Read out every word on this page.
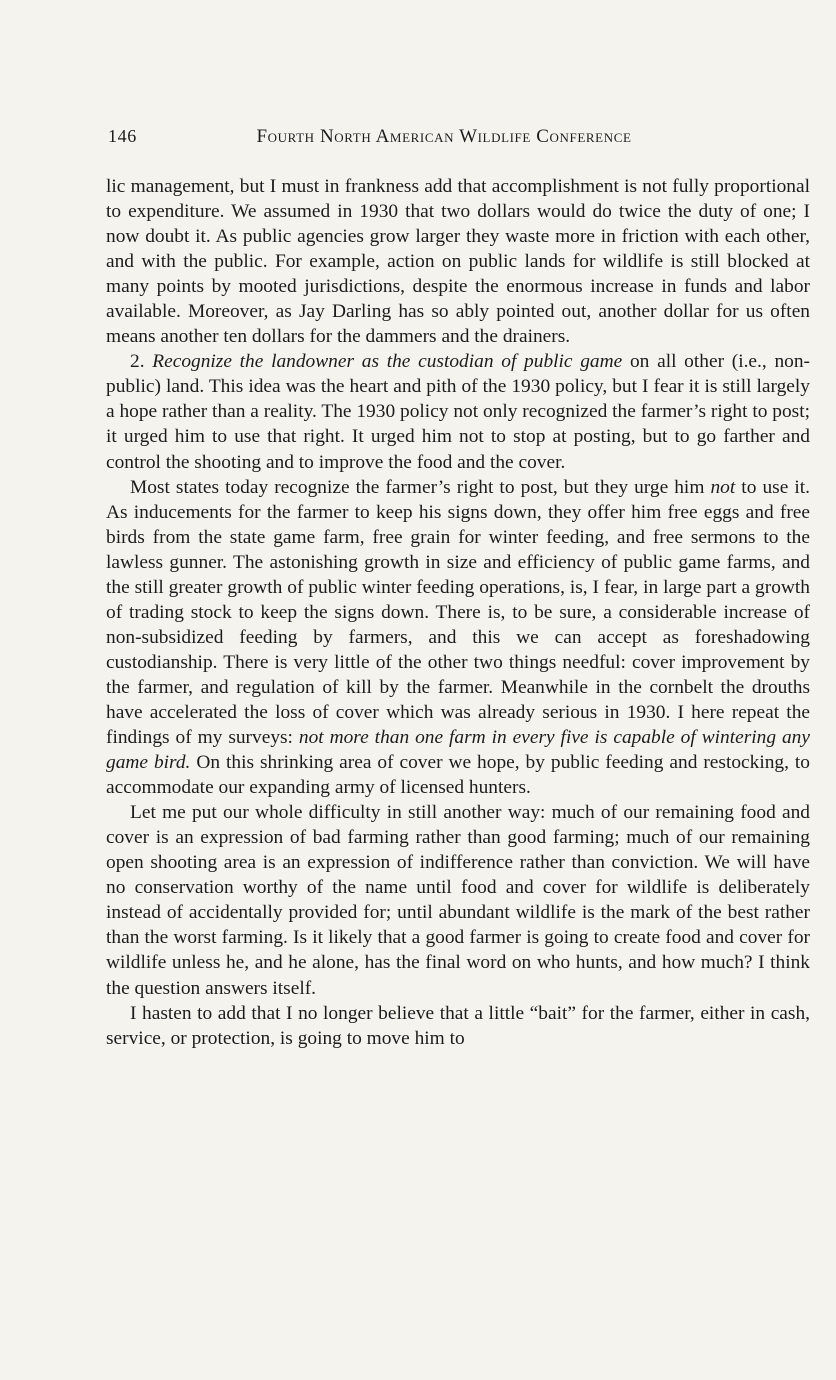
146	Fourth North American Wildlife Conference

lic management, but I must in frankness add that accomplishment is not fully proportional to expenditure. We assumed in 1930 that two dollars would do twice the duty of one; I now doubt it. As public agencies grow larger they waste more in friction with each other, and with the public. For example, action on public lands for wildlife is still blocked at many points by mooted jurisdictions, despite the enormous increase in funds and labor available. Moreover, as Jay Darling has so ably pointed out, another dollar for us often means another ten dollars for the dammers and the drainers.

2. Recognize the landowner as the custodian of public game on all other (i.e., non-public) land. This idea was the heart and pith of the 1930 policy, but I fear it is still largely a hope rather than a reality. The 1930 policy not only recognized the farmer’s right to post; it urged him to use that right. It urged him not to stop at posting, but to go farther and control the shooting and to improve the food and the cover.

Most states today recognize the farmer’s right to post, but they urge him not to use it. As inducements for the farmer to keep his signs down, they offer him free eggs and free birds from the state game farm, free grain for winter feeding, and free sermons to the lawless gunner. The astonishing growth in size and efficiency of public game farms, and the still greater growth of public winter feeding operations, is, I fear, in large part a growth of trading stock to keep the signs down. There is, to be sure, a considerable increase of non-subsidized feeding by farmers, and this we can accept as foreshadowing custodianship. There is very little of the other two things needful: cover improvement by the farmer, and regulation of kill by the farmer. Meanwhile in the cornbelt the drouths have accelerated the loss of cover which was already serious in 1930. I here repeat the findings of my surveys: not more than one farm in every five is capable of wintering any game bird. On this shrinking area of cover we hope, by public feeding and restocking, to accommodate our expanding army of licensed hunters.

Let me put our whole difficulty in still another way: much of our remaining food and cover is an expression of bad farming rather than good farming; much of our remaining open shooting area is an expression of indifference rather than conviction. We will have no conservation worthy of the name until food and cover for wildlife is deliberately instead of accidentally provided for; until abundant wildlife is the mark of the best rather than the worst farming. Is it likely that a good farmer is going to create food and cover for wildlife unless he, and he alone, has the final word on who hunts, and how much? I think the question answers itself.

I hasten to add that I no longer believe that a little “bait” for the farmer, either in cash, service, or protection, is going to move him to
